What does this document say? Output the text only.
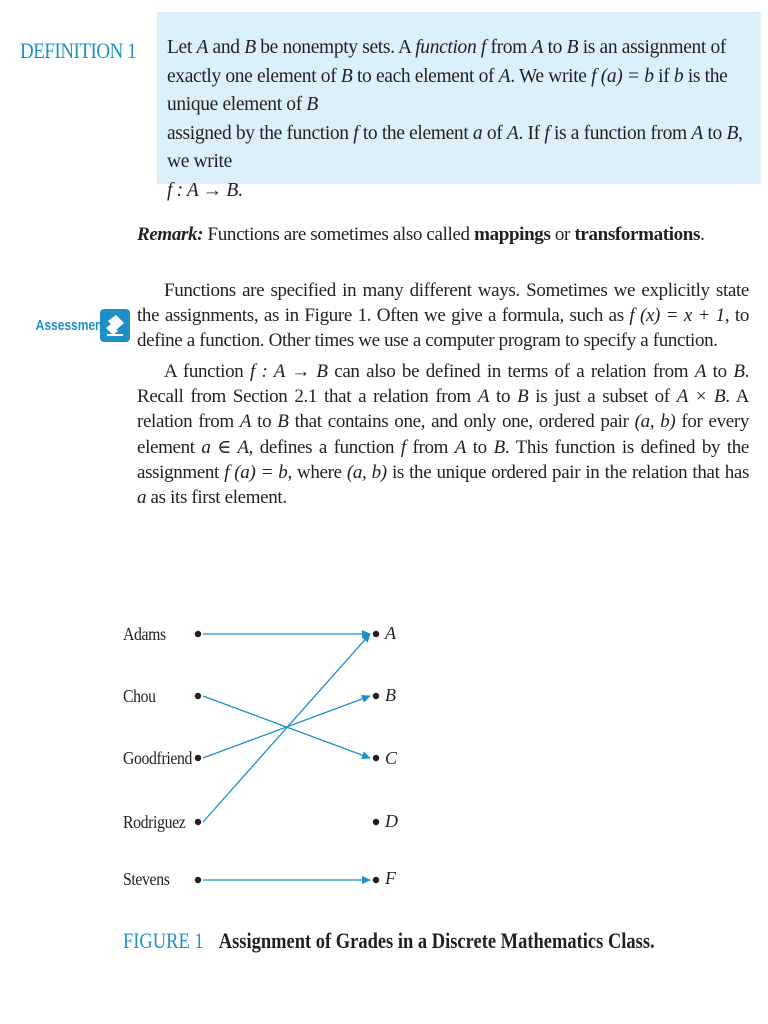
DEFINITION 1 Let A and B be nonempty sets. A function f from A to B is an assignment of exactly one element of B to each element of A. We write f (a) = b if b is the unique element of B
assigned by the function f to the element a of A. If f is a function from A to B, we write
f : A → B.
Remark: Functions are sometimes also called mappings or transformations.
Assessment
Functions are specified in many different ways. Sometimes we explicitly state the assignments, as in Figure 1. Often we give a formula, such as f (x) = x + 1, to define a function. Other times we use a computer program to specify a function.
A function f : A → B can also be defined in terms of a relation from A to B. Recall from Section 2.1 that a relation from A to B is just a subset of A × B. A relation from A to B that contains one, and only one, ordered pair (a, b) for every element a ∈ A, defines a function f from A to B. This function is defined by the assignment f (a) = b, where (a, b) is the unique ordered pair in the relation that has a as its first element.
Adams
Chou
Goodfriend
Rodriguez
Stevens
A
B
C
D
F
FIGURE 1 Assignment of Grades in a Discrete Mathematics Class.
